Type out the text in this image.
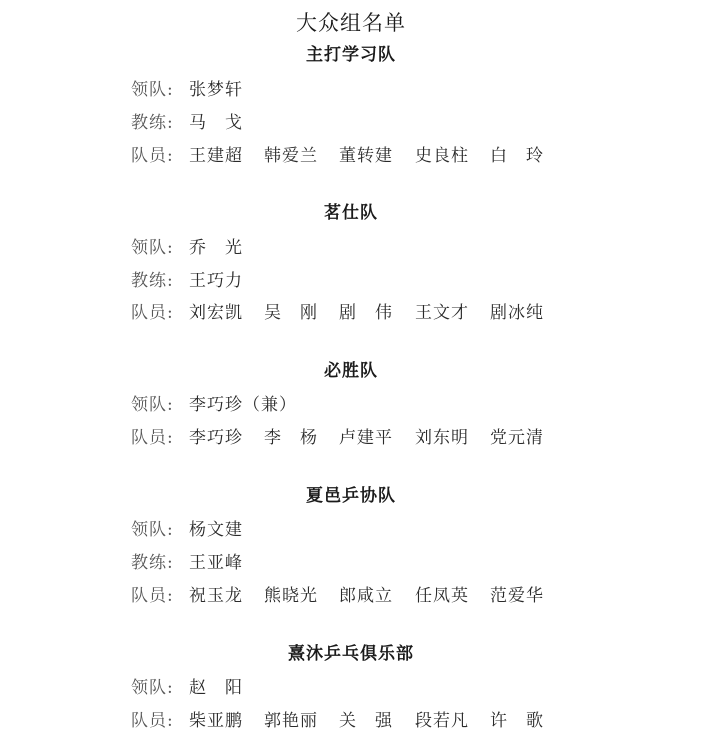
大众组名单
主打学习队
领队 : 张梦轩
教练 : 马　戈
队员 : 王建超 韩爱兰 董转建 史良柱 白　玲
茗仕队
领队 : 乔　光
教练 : 王巧力
队员 : 刘宏凯 吴　刚 剧　伟 王文才 剧冰纯
必胜队
领队 : 李巧珍（兼）
队员 : 李巧珍 李　杨 卢建平 刘东明 党元清
夏邑乒协队
领队 : 杨文建
教练 : 王亚峰
队员 : 祝玉龙 熊晓光 郎咸立 任凤英 范爱华
熹沐乒乓俱乐部
领队 : 赵　阳
队员 : 柴亚鹏 郭艳丽 关　强 段若凡 许　歌
